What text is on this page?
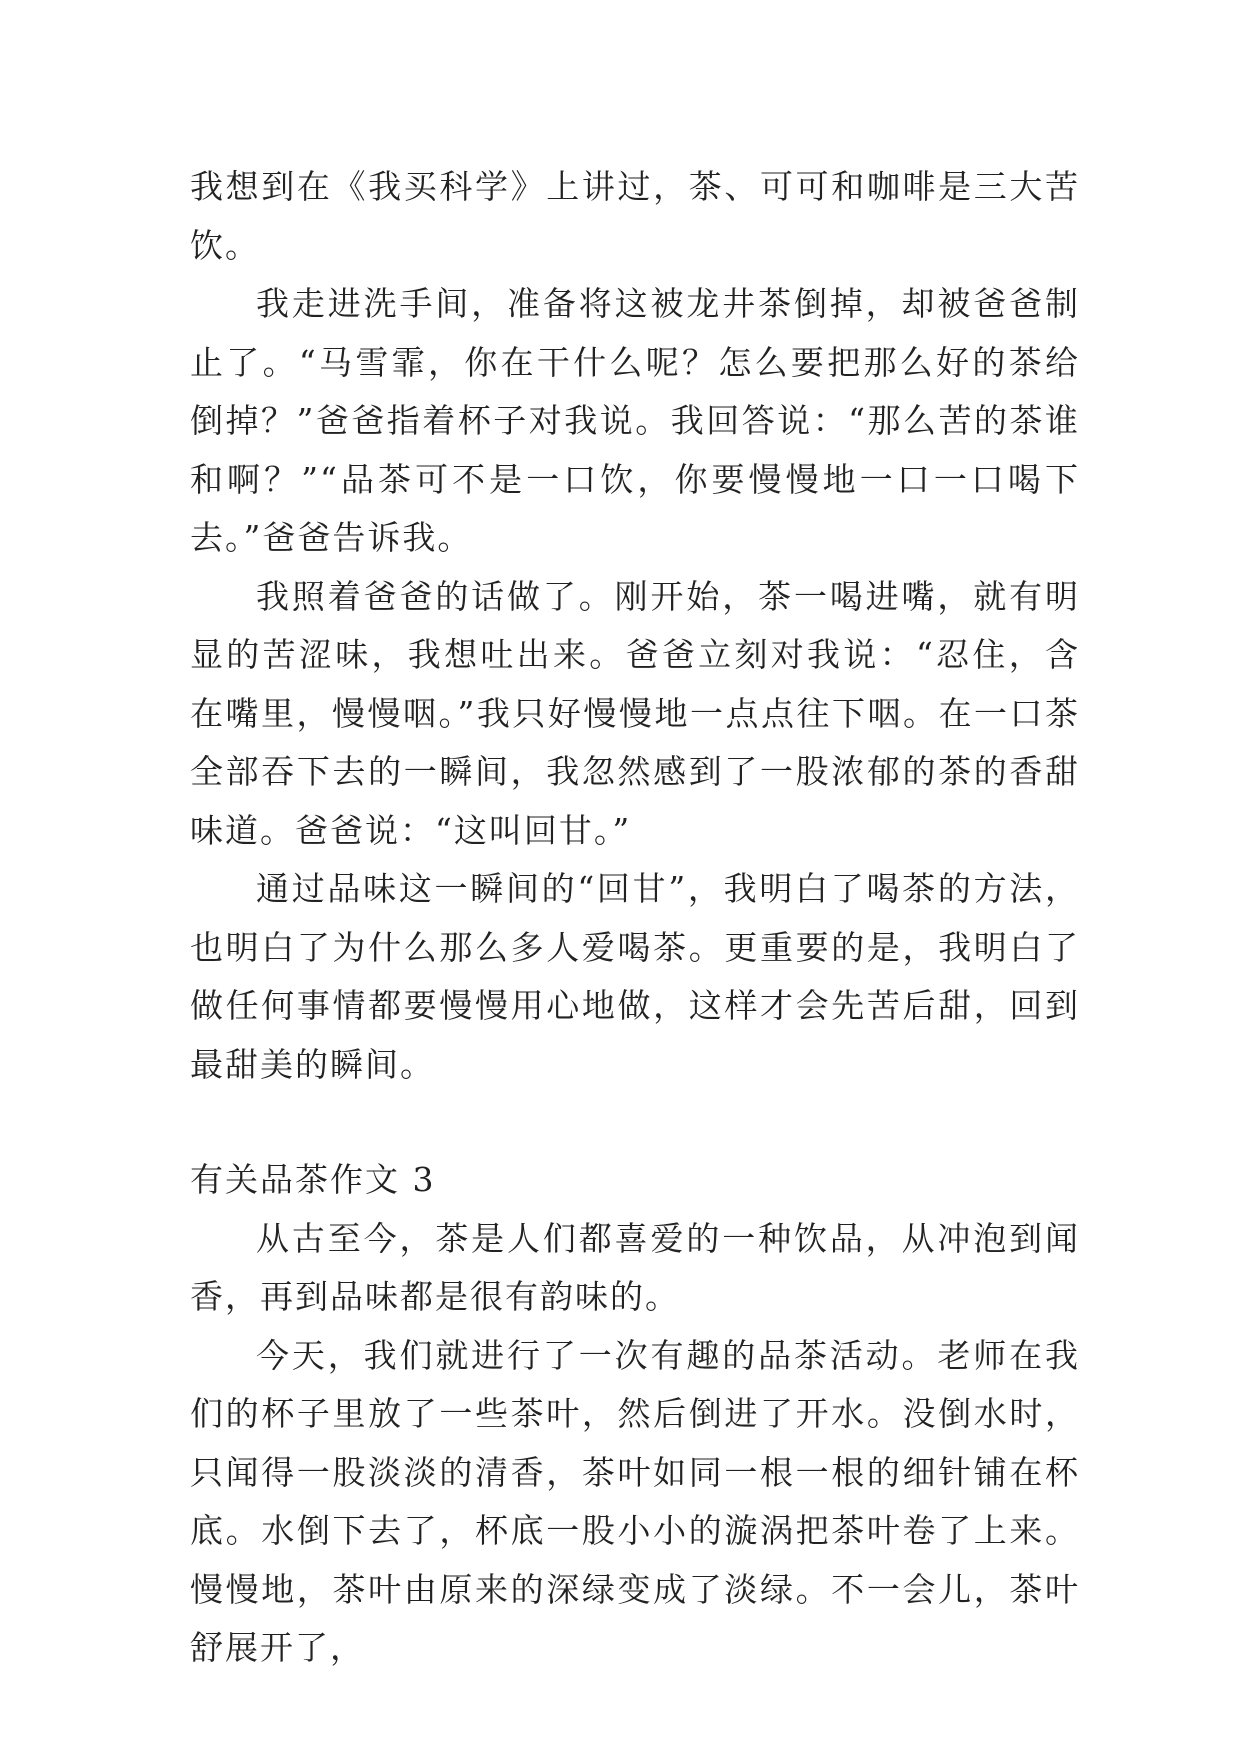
我想到在《我买科学》上讲过，茶、可可和咖啡是三大苦饮。

我走进洗手间，准备将这被龙井茶倒掉，却被爸爸制止了。“马雪霏，你在干什么呢？怎么要把那么好的茶给倒掉？”爸爸指着杯子对我说。我回答说：“那么苦的茶谁和啊？”“品茶可不是一口饮，你要慢慢地一口一口喝下去。”爸爸告诉我。

我照着爸爸的话做了。刚开始，茶一喝进嘴，就有明显的苦涩味，我想吐出来。爸爸立刻对我说：“忍住，含在嘴里，慢慢咽。”我只好慢慢地一点点往下咽。在一口茶全部吞下去的一瞬间，我忽然感到了一股浓郁的茶的香甜味道。爸爸说：“这叫回甘。”

通过品味这一瞬间的“回甘”，我明白了喝茶的方法，也明白了为什么那么多人爱喝茶。更重要的是，我明白了做任何事情都要慢慢用心地做，这样才会先苦后甜，回到最甜美的瞬间。

有关品茶作文 3

从古至今，茶是人们都喜爱的一种饮品，从冲泡到闻香，再到品味都是很有韵味的。

今天，我们就进行了一次有趣的品茶活动。老师在我们的杯子里放了一些茶叶，然后倒进了开水。没倒水时，只闻得一股淡淡的清香，茶叶如同一根一根的细针铺在杯底。水倒下去了，杯底一股小小的漩涡把茶叶卷了上来。慢慢地，茶叶由原来的深绿变成了淡绿。不一会儿，茶叶舒展开了，
